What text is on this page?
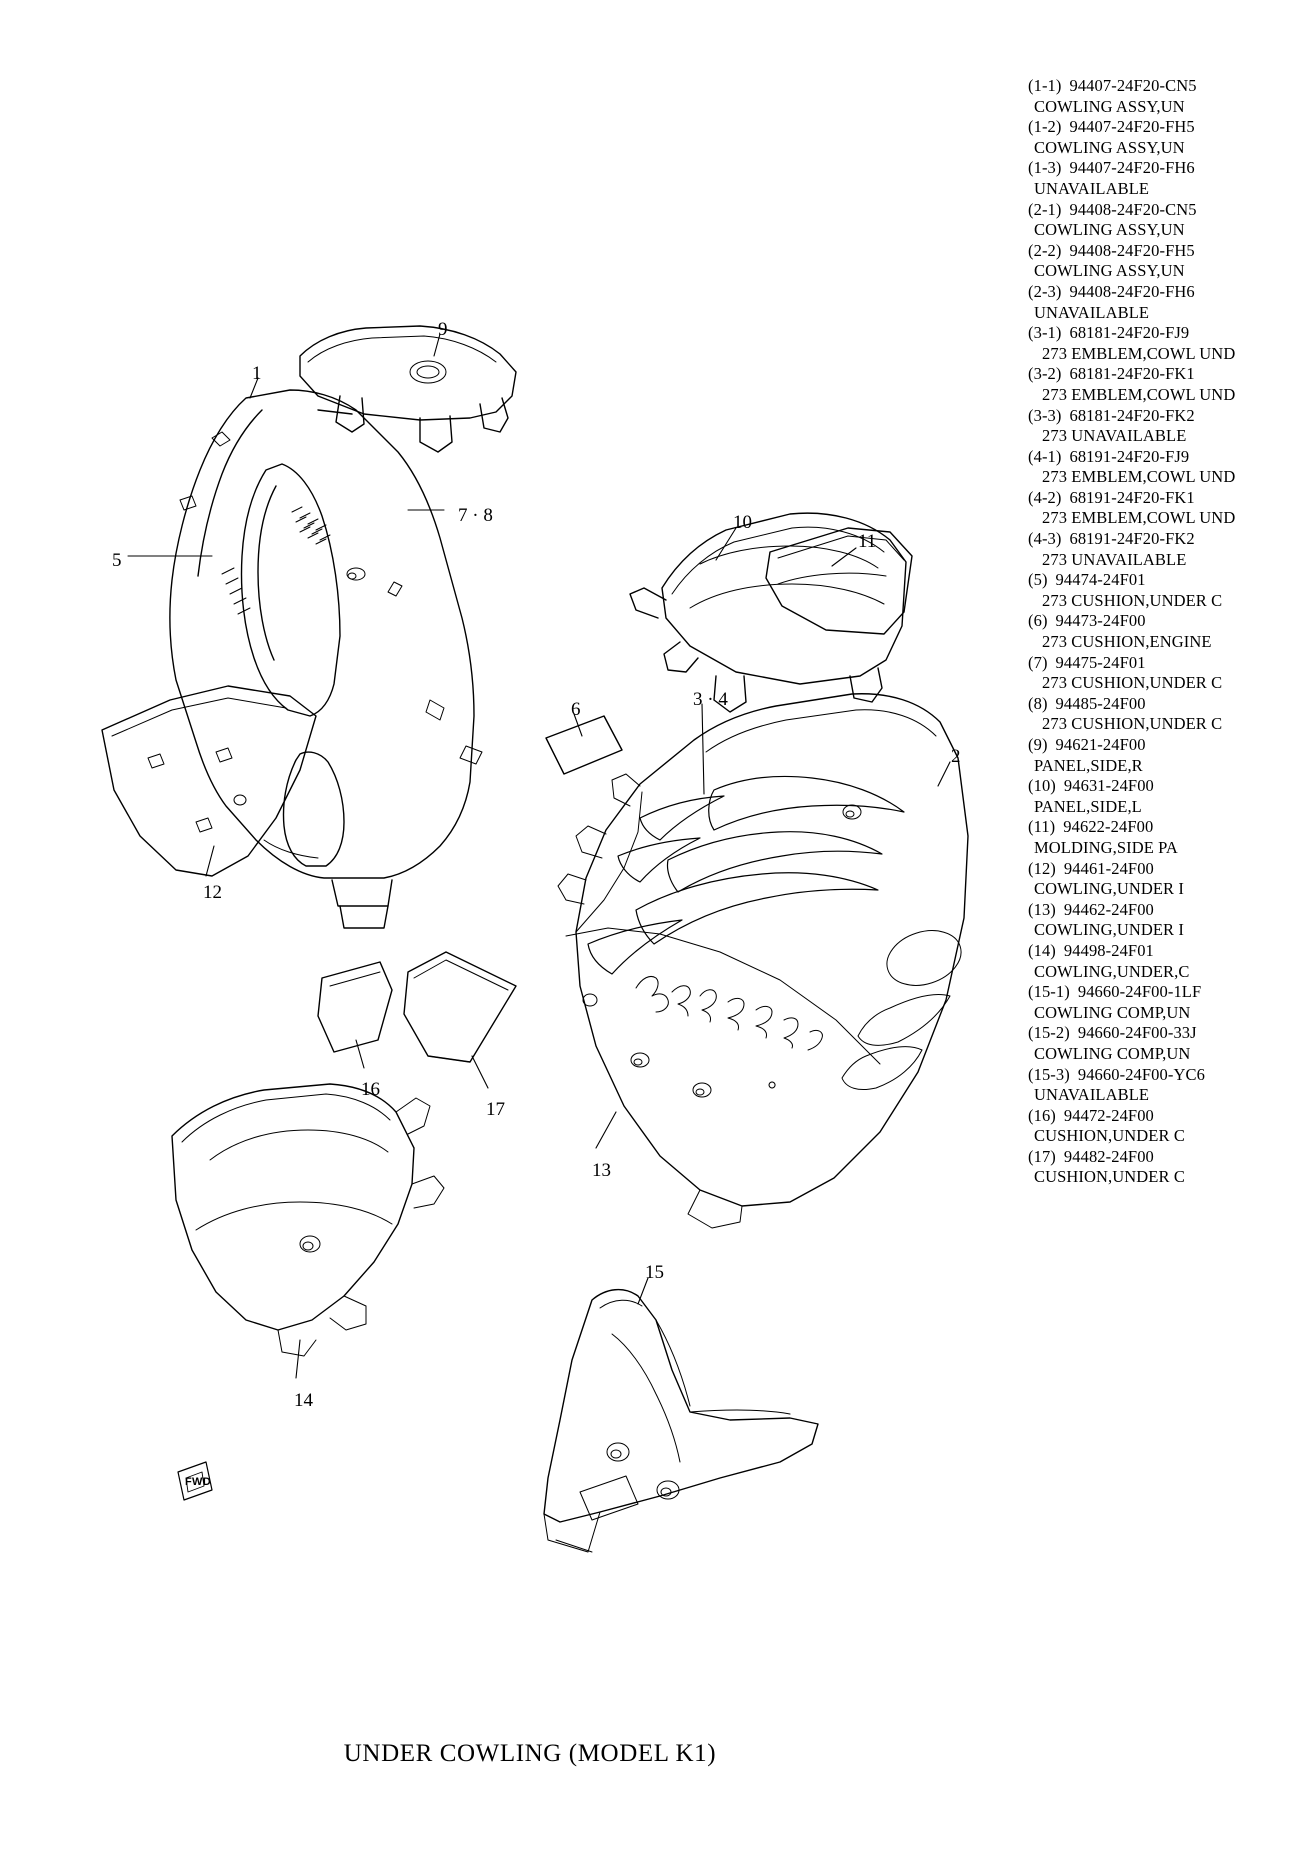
1
9
7 · 8
5
10
11
6	3 · 4
2
12
16
17
13
14
15
FWD
(1-1) 94407-24F20-CN5
COWLING ASSY,UN
(1-2) 94407-24F20-FH5
COWLING ASSY,UN
(1-3) 94407-24F20-FH6
UNAVAILABLE
(2-1) 94408-24F20-CN5
COWLING ASSY,UN
(2-2) 94408-24F20-FH5
COWLING ASSY,UN
(2-3) 94408-24F20-FH6
UNAVAILABLE
(3-1) 68181-24F20-FJ9
273 EMBLEM,COWL UND
(3-2) 68181-24F20-FK1
273 EMBLEM,COWL UND
(3-3) 68181-24F20-FK2
273 UNAVAILABLE
(4-1) 68191-24F20-FJ9
273 EMBLEM,COWL UND
(4-2) 68191-24F20-FK1
273 EMBLEM,COWL UND
(4-3) 68191-24F20-FK2
273 UNAVAILABLE
(5) 94474-24F01
273 CUSHION,UNDER C
(6) 94473-24F00
273 CUSHION,ENGINE
(7) 94475-24F01
273 CUSHION,UNDER C
(8) 94485-24F00
273 CUSHION,UNDER C
(9) 94621-24F00
PANEL,SIDE,R
(10) 94631-24F00
PANEL,SIDE,L
(11) 94622-24F00
MOLDING,SIDE PA
(12) 94461-24F00
COWLING,UNDER I
(13) 94462-24F00
COWLING,UNDER I
(14) 94498-24F01
COWLING,UNDER,C
(15-1) 94660-24F00-1LF
COWLING COMP,UN
(15-2) 94660-24F00-33J
COWLING COMP,UN
(15-3) 94660-24F00-YC6
UNAVAILABLE
(16) 94472-24F00
CUSHION,UNDER C
(17) 94482-24F00
CUSHION,UNDER C
UNDER COWLING (MODEL K1)
